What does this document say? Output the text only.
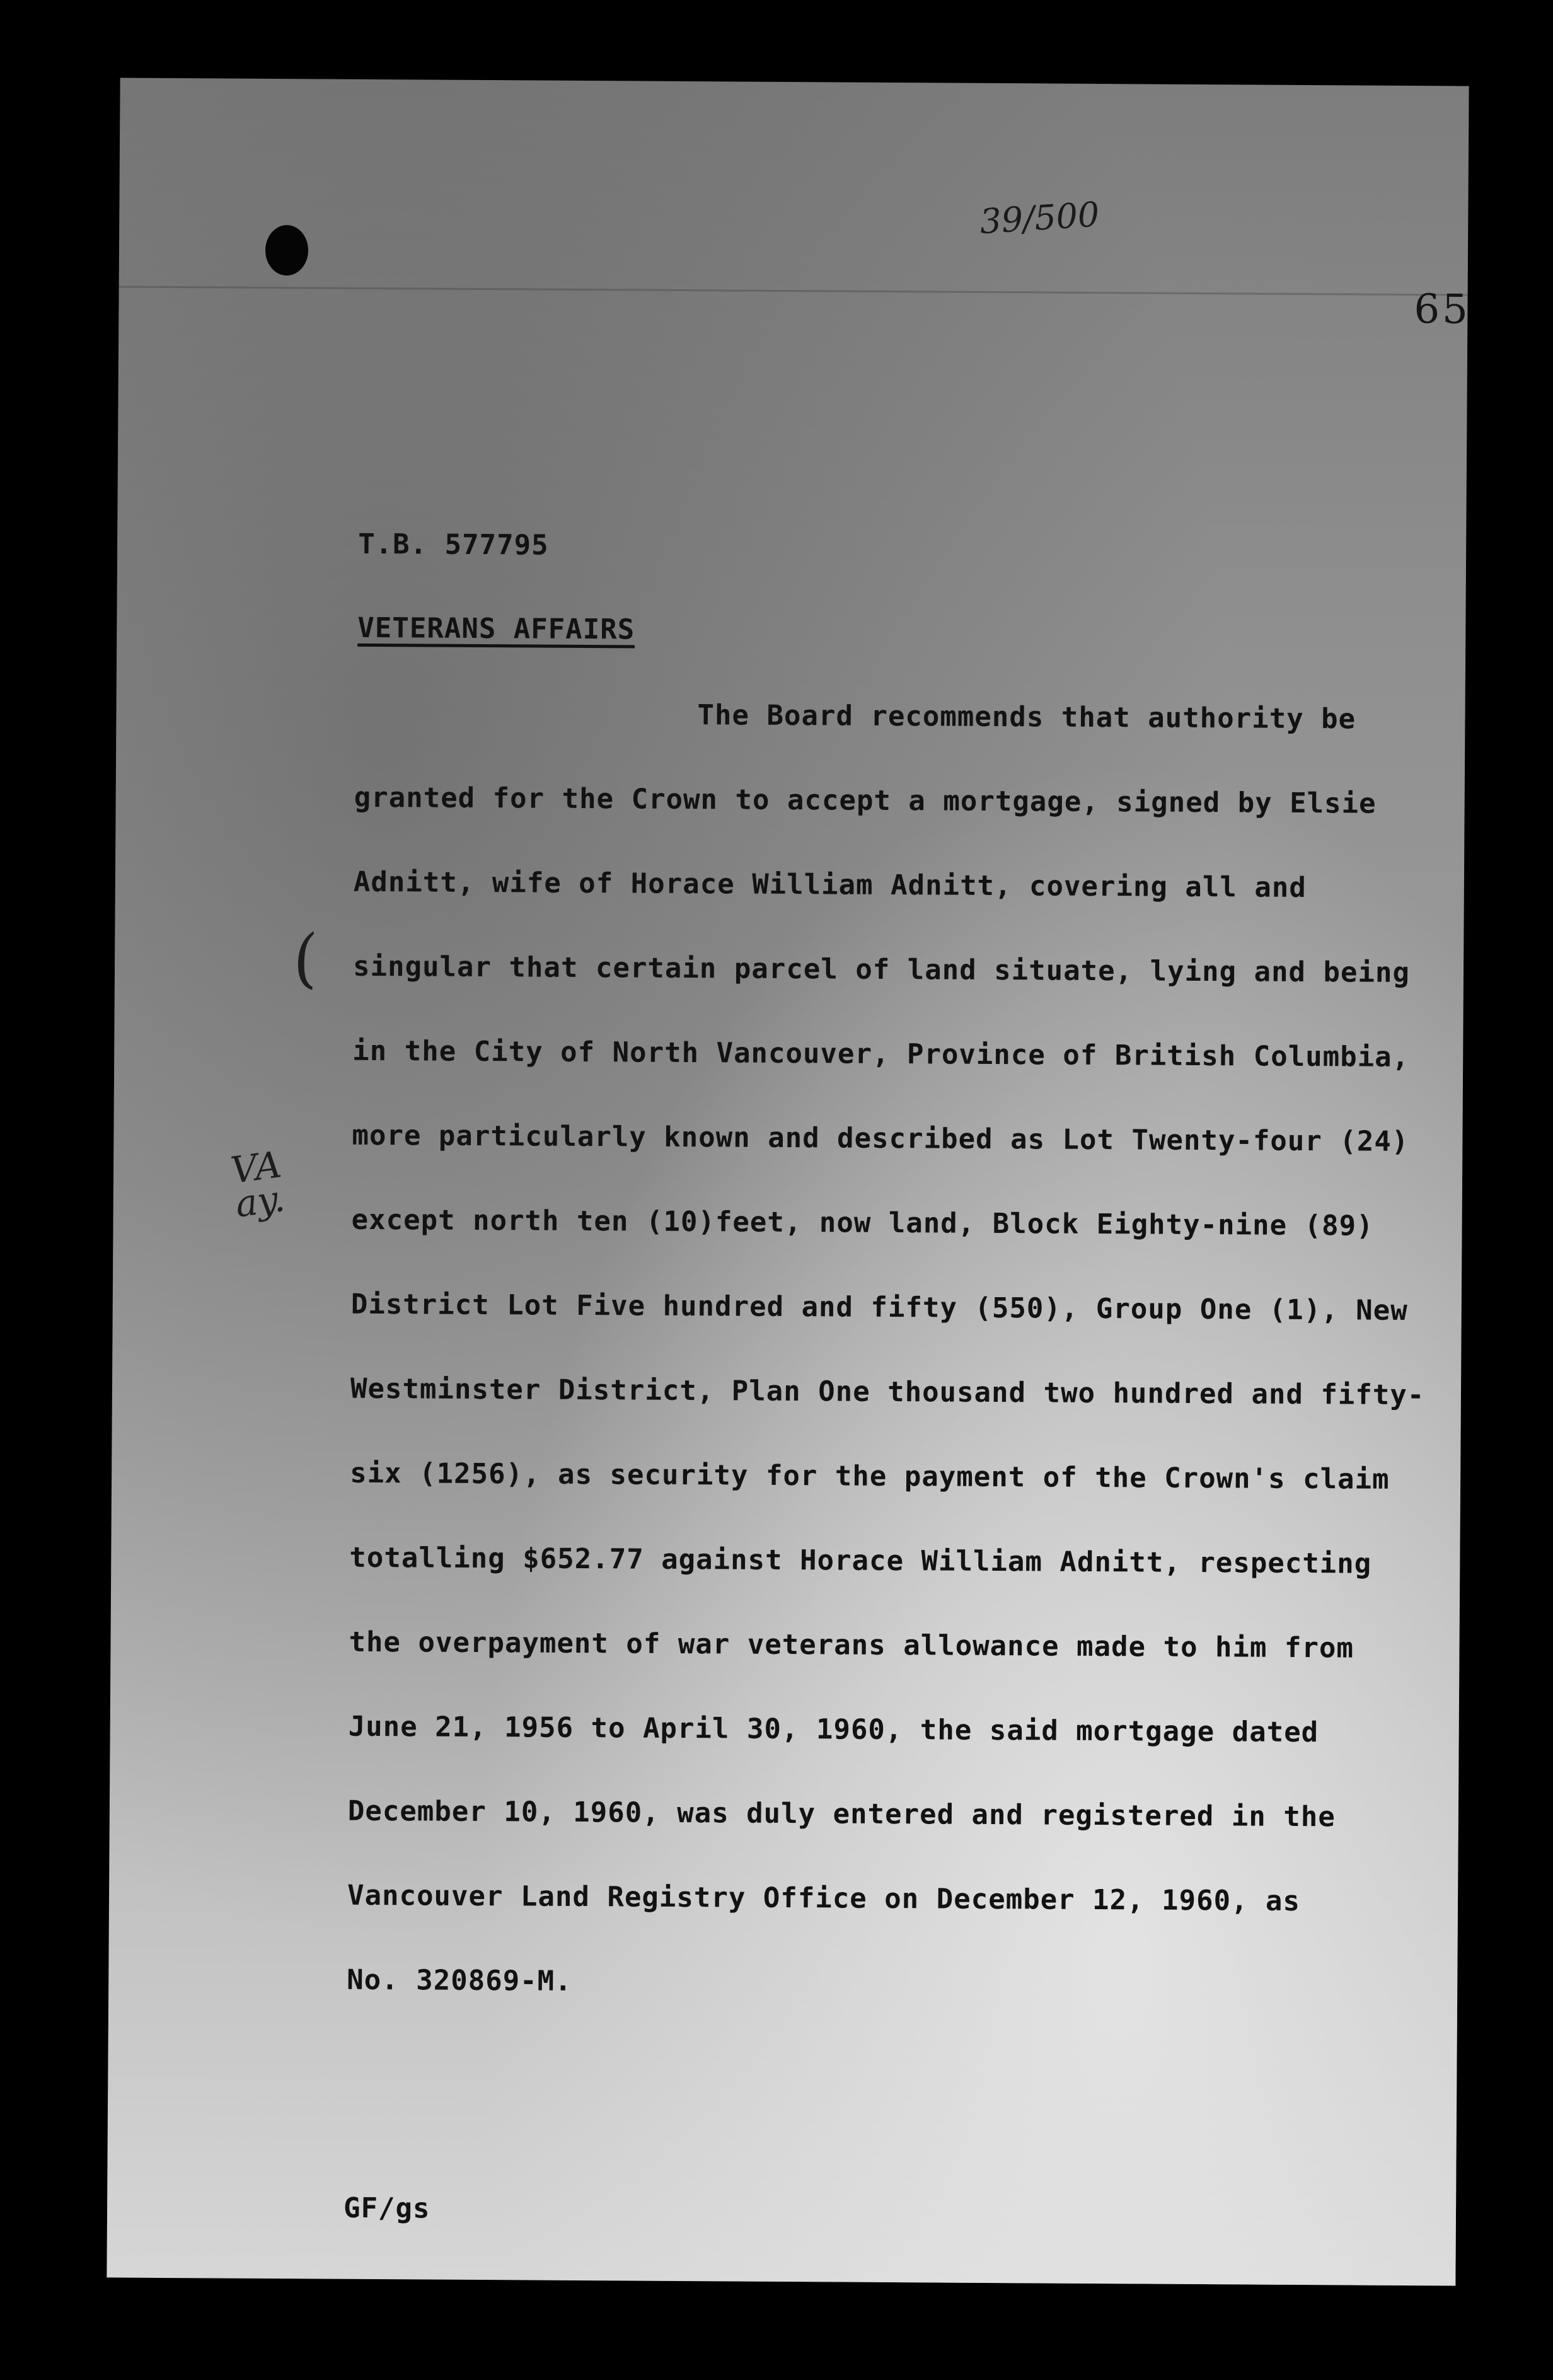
39/500
65
T.B. 577795
VETERANS AFFAIRS
The Board recommends that authority be
granted for the Crown to accept a mortgage, signed by Elsie
Adnitt, wife of Horace William Adnitt, covering all and
singular that certain parcel of land situate, lying and being
in the City of North Vancouver, Province of British Columbia,
more particularly known and described as Lot Twenty-four (24)
except north ten (10)feet, now land, Block Eighty-nine (89)
District Lot Five hundred and fifty (550), Group One (1), New
Westminster District, Plan One thousand two hundred and fifty-
six (1256), as security for the payment of the Crown's claim
totalling $652.77 against Horace William Adnitt, respecting
the overpayment of war veterans allowance made to him from
June 21, 1956 to April 30, 1960, the said mortgage dated
December 10, 1960, was duly entered and registered in the
Vancouver Land Registry Office on December 12, 1960, as
No. 320869-M.
(
VA
ay.
GF/gs
